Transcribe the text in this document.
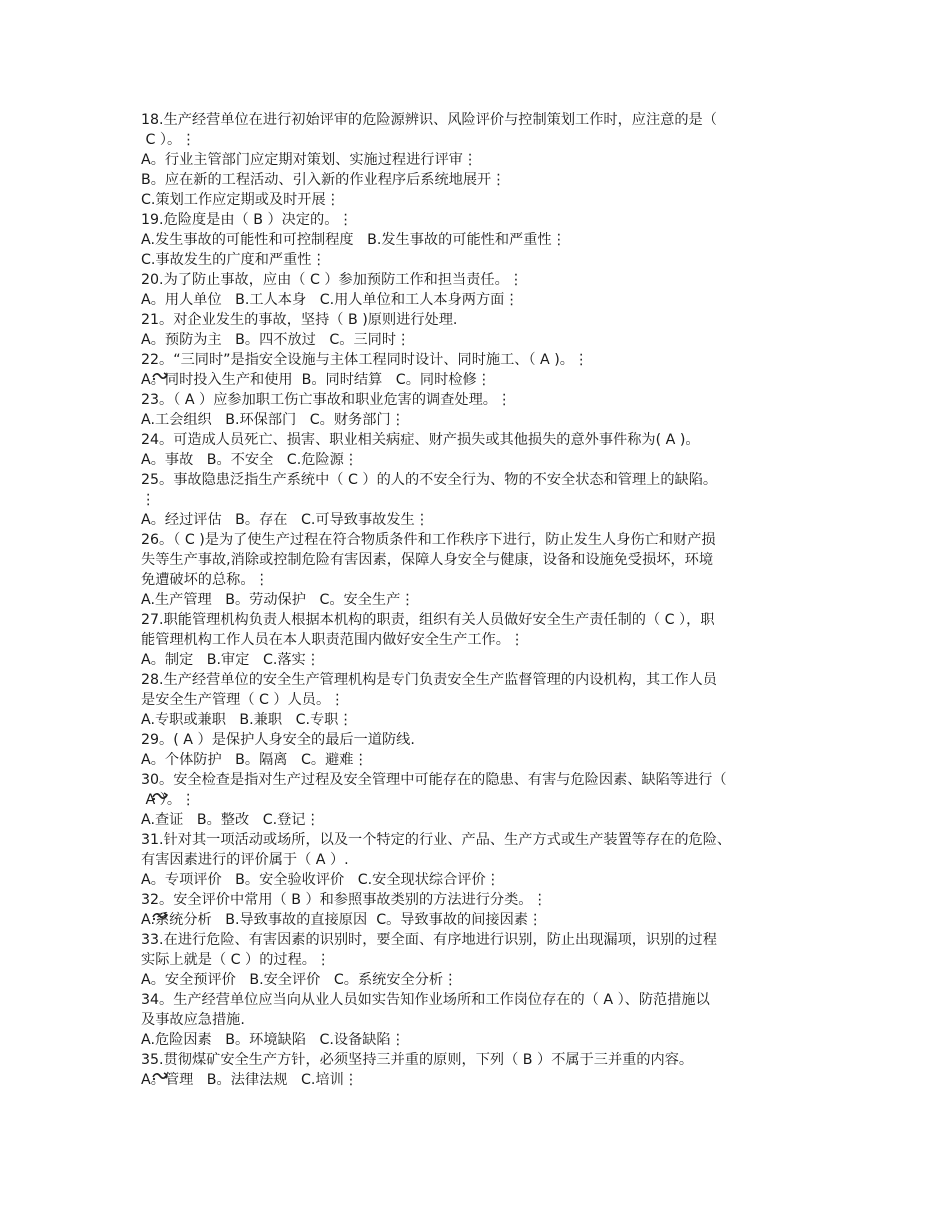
18.生产经营单位在进行初始评审的危险源辨识、风险评价与控制策划工作时，应注意的是（
C ）。⋮
A。行业主管部门应定期对策划、实施过程进行评审⋮
B。应在新的工程活动、引入新的作业程序后系统地展开⋮
C.策划工作应定期或及时开展⋮
19.危险度是由（ B ）决定的。⋮
A.发生事故的可能性和可控制程度   B.发生事故的可能性和严重性⋮
C.事故发生的广度和严重性⋮
20.为了防止事故，应由（ C ）参加预防工作和担当责任。⋮
A。用人单位   B.工人本身   C.用人单位和工人本身两方面⋮
21。对企业发生的事故，坚持（ B )原则进行处理.

A。预防为主   B。四不放过   C。三同时⋮
22。“三同时”是指安全设施与主体工程同时设计、同时施工、（ A )。⋮
A。同时投入生产和使用  B。同时结算   C。同时检修⋮
23。（ A ）应参加职工伤亡事故和职业危害的调查处理。⋮
A.工会组织   B.环保部门   C。财务部门⋮
24。可造成人员死亡、损害、职业相关病症、财产损失或其他损失的意外事件称为( A )。
A。事故   B。不安全   C.危险源⋮
25。事故隐患泛指生产系统中（ C ）的人的不安全行为、物的不安全状态和管理上的缺陷。
⋮
A。经过评估   B。存在   C.可导致事故发生⋮
26。（ C )是为了使生产过程在符合物质条件和工作秩序下进行，防止发生人身伤亡和财产损
失等生产事故,消除或控制危险有害因素，保障人身安全与健康，设备和设施免受损坏，环境
免遭破坏的总称。⋮
A.生产管理   B。劳动保护   C。安全生产⋮
27.职能管理机构负责人根据本机构的职责，组织有关人员做好安全生产责任制的（ C ），职
能管理机构工作人员在本人职责范围内做好安全生产工作。⋮
A。制定   B.审定   C.落实⋮
28.生产经营单位的安全生产管理机构是专门负责安全生产监督管理的内设机构，其工作人员
是安全生产管理（ C ）人员。⋮
A.专职或兼职   B.兼职   C.专职⋮
29。( A ）是保护人身安全的最后一道防线.

A。个体防护   B。隔离   C。避难⋮
30。安全检查是指对生产过程及安全管理中可能存在的隐患、有害与危险因素、缺陷等进行（
A ）。⋮
A.查证   B。整改   C.登记⋮
31.针对其一项活动或场所，以及一个特定的行业、产品、生产方式或生产装置等存在的危险、
有害因素进行的评价属于（ A ）.

A。专项评价   B。安全验收评价   C.安全现状综合评价⋮
32。安全评价中常用（ B ）和参照事故类别的方法进行分类。⋮
A.系统分析   B.导致事故的直接原因  C。导致事故的间接因素⋮
33.在进行危险、有害因素的识别时，要全面、有序地进行识别，防止出现漏项，识别的过程
实际上就是（ C ）的过程。⋮
A。安全预评价   B.安全评价   C。系统安全分析⋮
34。生产经营单位应当向从业人员如实告知作业场所和工作岗位存在的（ A ）、防范措施以
及事故应急措施.

A.危险因素   B。环境缺陷   C.设备缺陷⋮
35.贯彻煤矿安全生产方针，必须坚持三并重的原则，下列（ B ）不属于三并重的内容。
A。管理   B。法律法规   C.培训⋮
